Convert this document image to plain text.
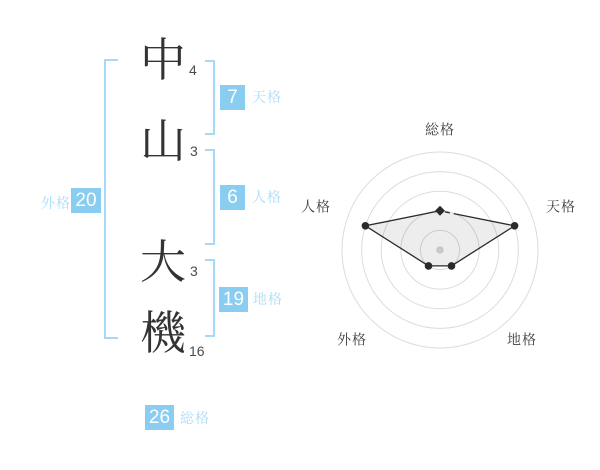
中
山
大
機
4
3
3
16
7	天格
6	人格
19 地格
外格 20
26 総格
総格
天格
地格
外格
人格
